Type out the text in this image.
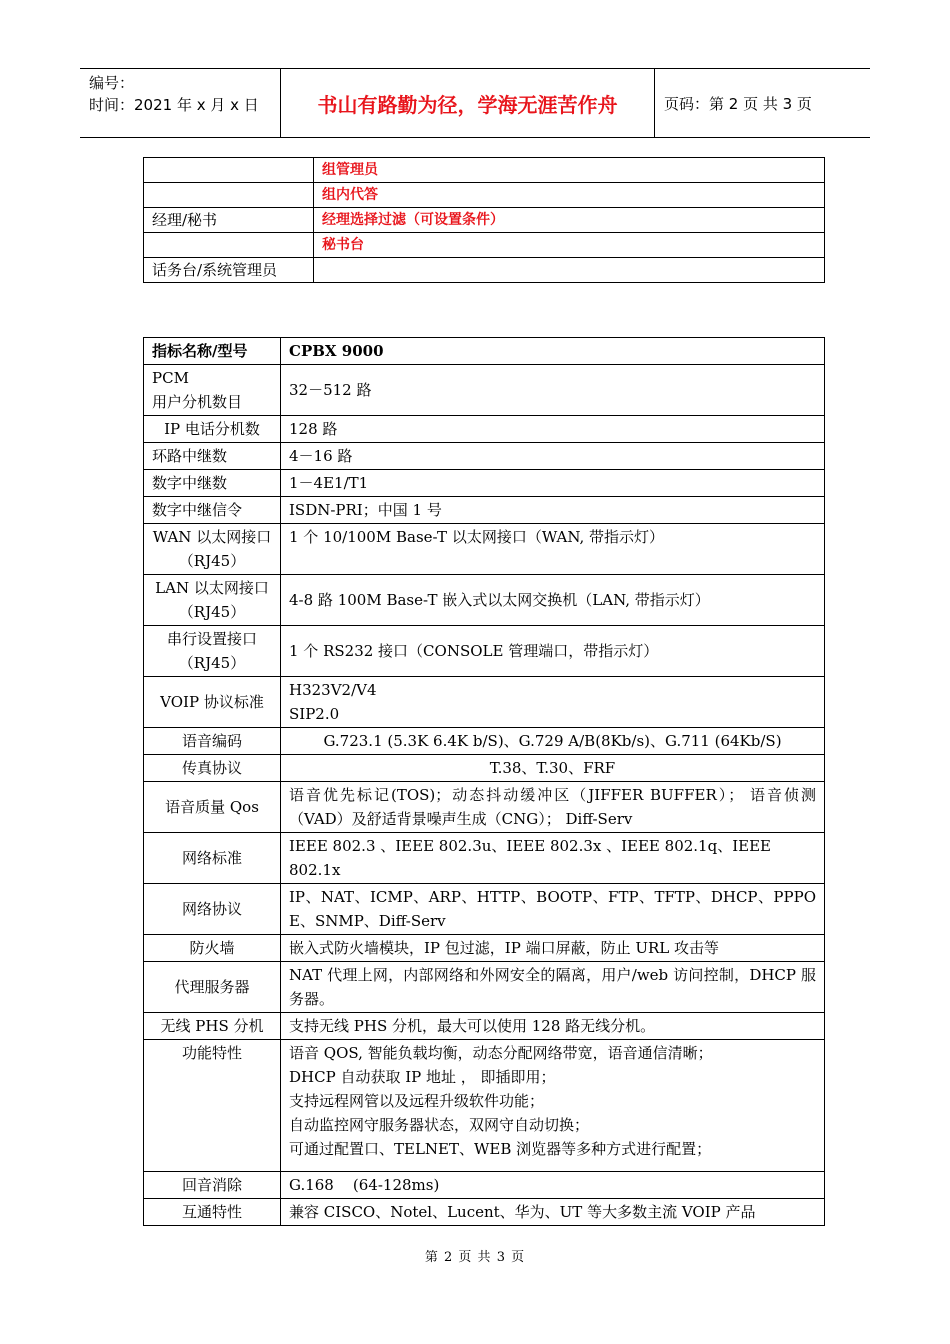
编号：
时间：2021 年 x 月 x 日	书山有路勤为径，学海无涯苦作舟	页码：第 2 页 共 3 页
	组管理员
	组内代答
经理/秘书	经理选择过滤（可设置条件）
	秘书台
话务台/系统管理员	
指标名称/型号	CPBX 9000
PCM
用户分机数目	32－512 路
IP 电话分机数	128 路
环路中继数	4－16 路
数字中继数	1－4E1/T1
数字中继信令	ISDN-PRI；中国 1 号
WAN 以太网接口（RJ45）	1 个 10/100M Base-T 以太网接口（WAN, 带指示灯）
LAN 以太网接口（RJ45）	4-8 路 100M Base-T 嵌入式以太网交换机（LAN, 带指示灯）
串行设置接口（RJ45）	1 个 RS232 接口（CONSOLE 管理端口，带指示灯）
VOIP 协议标准	H323V2/V4
SIP2.0
语音编码	G.723.1 (5.3K 6.4K b/S)、G.729 A/B(8Kb/s)、G.711 (64Kb/S)
传真协议	T.38、T.30、FRF
语音质量 Qos	语音优先标记(TOS)；动态抖动缓冲区（JIFFER BUFFER）； 语音侦测（VAD）及舒适背景噪声生成（CNG）； Diff-Serv
网络标准	IEEE 802.3 、IEEE 802.3u、IEEE 802.3x 、IEEE 802.1q、IEEE 802.1x
网络协议	IP、NAT、ICMP、ARP、HTTP、BOOTP、FTP、TFTP、DHCP、PPPOE、SNMP、Diff-Serv
防火墙	嵌入式防火墙模块，IP 包过滤，IP 端口屏蔽，防止 URL 攻击等
代理服务器	NAT 代理上网，内部网络和外网安全的隔离，用户/web 访问控制，DHCP 服务器。
无线 PHS 分机	支持无线 PHS 分机，最大可以使用 128 路无线分机。
功能特性	语音 QOS, 智能负载均衡，动态分配网络带宽，语音通信清晰；
DHCP 自动获取 IP 地址 ， 即插即用；
支持远程网管以及远程升级软件功能；
自动监控网守服务器状态，双网守自动切换；
可通过配置口、TELNET、WEB 浏览器等多种方式进行配置；
回音消除	G.168    (64-128ms)
互通特性	兼容 CISCO、Notel、Lucent、华为、UT 等大多数主流 VOIP 产品
第 2 页 共 3 页
